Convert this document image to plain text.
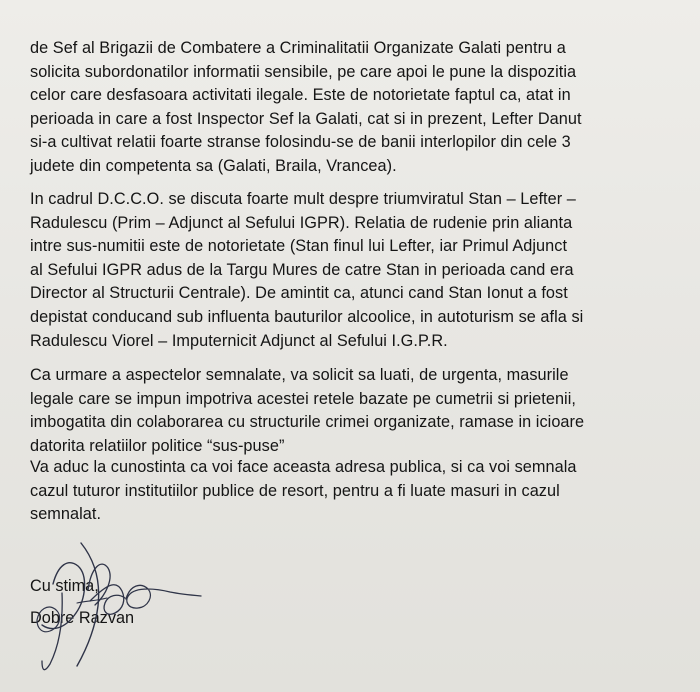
de Sef al Brigazii de Combatere a Criminalitatii Organizate Galati pentru a
solicita subordonatilor informatii sensibile, pe care apoi le pune la dispozitia
celor care desfasoara activitati ilegale. Este de notorietate faptul ca, atat in
perioada in care a fost Inspector Sef la Galati, cat si in prezent, Lefter Danut
si-a cultivat relatii foarte stranse folosindu-se de banii interlopilor din cele 3
judete din competenta sa (Galati, Braila, Vrancea).

In cadrul D.C.C.O. se discuta foarte mult despre triumviratul Stan – Lefter –
Radulescu (Prim – Adjunct al Sefului IGPR). Relatia de rudenie prin alianta
intre sus-numitii este de notorietate (Stan finul lui Lefter, iar Primul Adjunct
al Sefului IGPR adus de la Targu Mures de catre Stan in perioada cand era
Director al Structurii Centrale). De amintit ca, atunci cand Stan Ionut a fost
depistat conducand sub influenta bauturilor alcoolice, in autoturism se afla si
Radulescu Viorel – Imputernicit Adjunct al Sefului I.G.P.R.

Ca urmare a aspectelor semnalate, va solicit sa luati, de urgenta, masurile
legale care se impun impotriva acestei retele bazate pe cumetrii si prietenii,
imbogatita din colaborarea cu structurile crimei organizate, ramase in icioare
datorita relatiilor politice “sus-puse”

Va aduc la cunostinta ca voi face aceasta adresa publica, si ca voi semnala
cazul tuturor institutiilor publice de resort, pentru a fi luate masuri in cazul
semnalat.

Cu stima,
Dobre Razvan
